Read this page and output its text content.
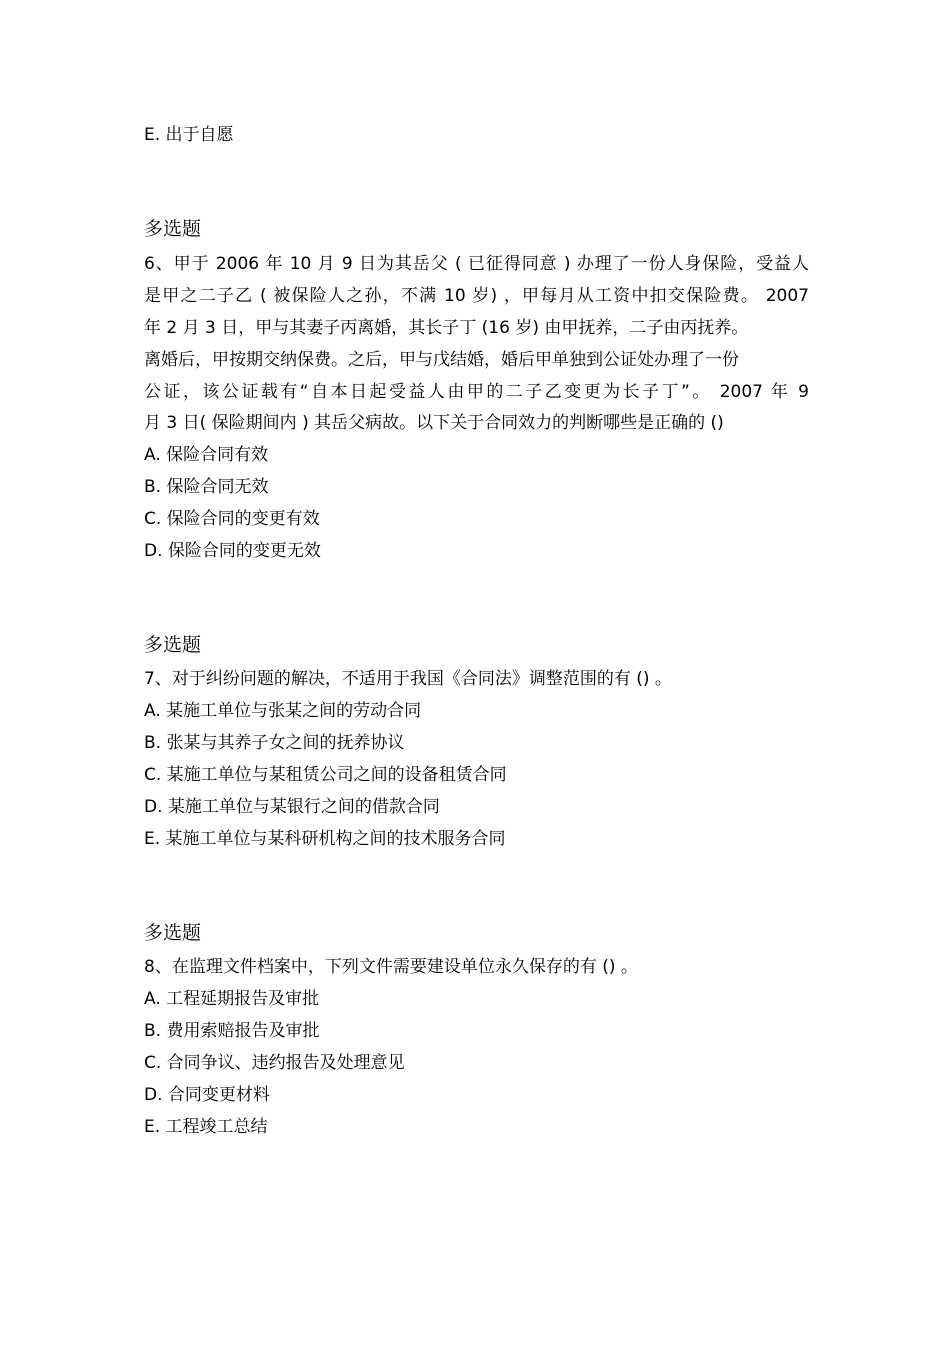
E. 出于自愿
多选题
6、甲于 2006 年 10 月 9 日为其岳父 ( 已征得同意 ) 办理了一份人身保险，受益人
是甲之二子乙 ( 被保险人之孙，不满 10 岁) ，甲每月从工资中扣交保险费。 2007
年 2 月 3 日，甲与其妻子丙离婚，其长子丁 (16 岁) 由甲抚养，二子由丙抚养。
离婚后，甲按期交纳保费。之后，甲与戊结婚，婚后甲单独到公证处办理了一份
公证，该公证载有“自本日起受益人由甲的二子乙变更为长子丁”。 2007 年 9
月 3 日( 保险期间内 ) 其岳父病故。以下关于合同效力的判断哪些是正确的 ()
A. 保险合同有效
B. 保险合同无效
C. 保险合同的变更有效
D. 保险合同的变更无效
多选题
7、对于纠纷问题的解决，不适用于我国《合同法》调整范围的有 () 。
A. 某施工单位与张某之间的劳动合同
B. 张某与其养子女之间的抚养协议
C. 某施工单位与某租赁公司之间的设备租赁合同
D. 某施工单位与某银行之间的借款合同
E. 某施工单位与某科研机构之间的技术服务合同
多选题
8、在监理文件档案中，下列文件需要建设单位永久保存的有 () 。
A. 工程延期报告及审批
B. 费用索赔报告及审批
C. 合同争议、违约报告及处理意见
D. 合同变更材料
E. 工程竣工总结
